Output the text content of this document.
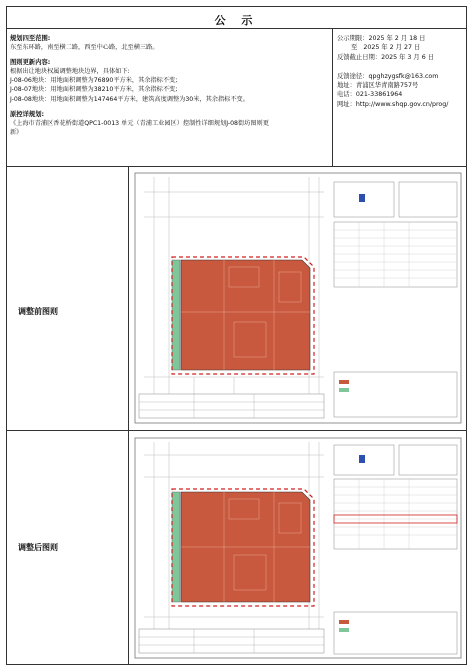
公 示
规划四至范围:
东至东环路，南至横二路，西至中心路，北至横三路。
图则更新内容:
根据出让地块权属调整地块边界，具体如下:
J-08-06地块：用地面积调整为76890平方米，其余指标不变;
J-08-07地块：用地面积调整为38210平方米，其余指标不变;
J-08-08地块：用地面积调整为147464平方米，建筑高度调整为30米，其余指标不变。
原控详规划:
《上海市青浦区香花桥街道QPC1-0013 单元（青浦工业园区）控制性详细规划J-08街坊图则更新》
公示期限：2025 年 2 月 18 日
至 2025 年 2 月 27 日
反馈截止日期：2025 年 3 月 6 日
反馈途径：qpghzygsfk@163.com
地址：青浦区华青南路757号
电话：021-33861964
网址：http://www.shqp.gov.cn/prog/
调整前图则
调整后图则
